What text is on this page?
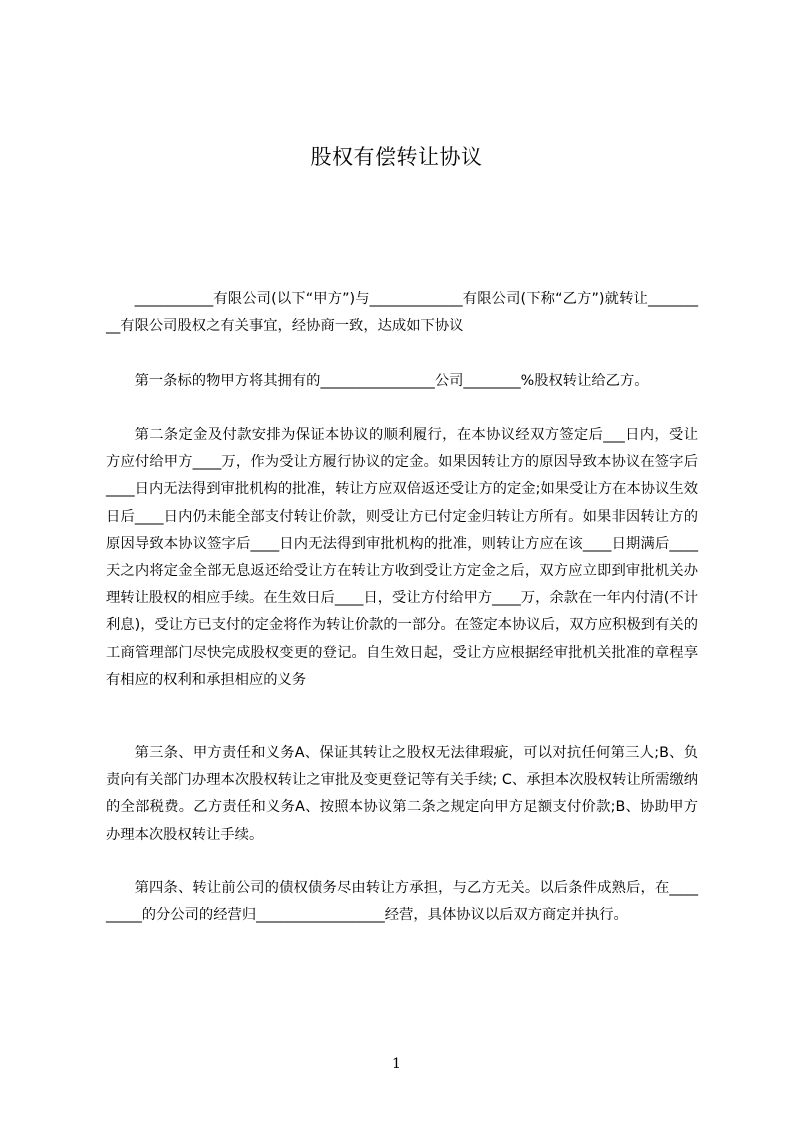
股权有偿转让协议

___________有限公司(以下“甲方”)与_____________有限公司(下称“乙方”)就转让_________有限公司股权之有关事宜，经协商一致，达成如下协议

第一条标的物甲方将其拥有的________________公司________%股权转让给乙方。

第二条定金及付款安排为保证本协议的顺利履行，在本协议经双方签定后___日内，受让方应付给甲方____万，作为受让方履行协议的定金。如果因转让方的原因导致本协议在签字后____日内无法得到审批机构的批准，转让方应双倍返还受让方的定金;如果受让方在本协议生效日后____日内仍未能全部支付转让价款，则受让方已付定金归转让方所有。如果非因转让方的原因导致本协议签字后____日内无法得到审批机构的批准，则转让方应在该____日期满后____天之内将定金全部无息返还给受让方在转让方收到受让方定金之后，双方应立即到审批机关办理转让股权的相应手续。在生效日后____日，受让方付给甲方____万，余款在一年内付清(不计利息)，受让方已支付的定金将作为转让价款的一部分。在签定本协议后，双方应积极到有关的工商管理部门尽快完成股权变更的登记。自生效日起，受让方应根据经审批机关批准的章程享有相应的权利和承担相应的义务

第三条、甲方责任和义务A、保证其转让之股权无法律瑕疵，可以对抗任何第三人;B、负责向有关部门办理本次股权转让之审批及变更登记等有关手续; C、承担本次股权转让所需缴纳的全部税费。乙方责任和义务A、按照本协议第二条之规定向甲方足额支付价款;B、协助甲方办理本次股权转让手续。

第四条、转让前公司的债权债务尽由转让方承担，与乙方无关。以后条件成熟后，在_________的分公司的经营归__________________经营，具体协议以后双方商定并执行。

1
